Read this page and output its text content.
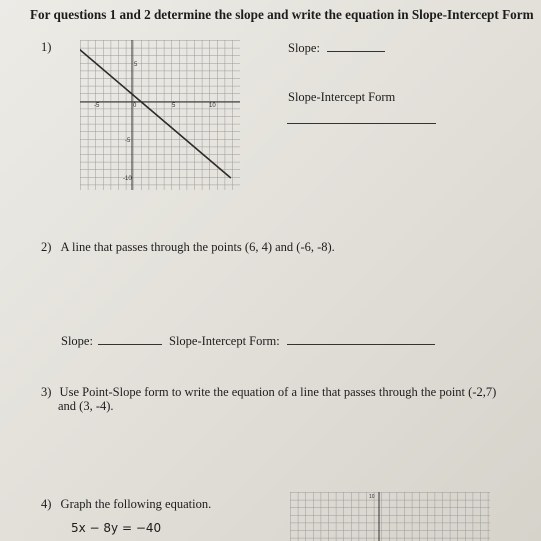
For questions 1 and 2 determine the slope and write the equation in Slope-Intercept Form
1)
-5	0	5	10
5
-5
-10
Slope:
Slope-Intercept Form
2) A line that passes through the points (6, 4) and (-6, -8).
Slope:	Slope-Intercept Form:
3) Use Point-Slope form to write the equation of a line that passes through the point (-2,7)
and (3, -4).
4) Graph the following equation.
5x − 8y = −40
10
